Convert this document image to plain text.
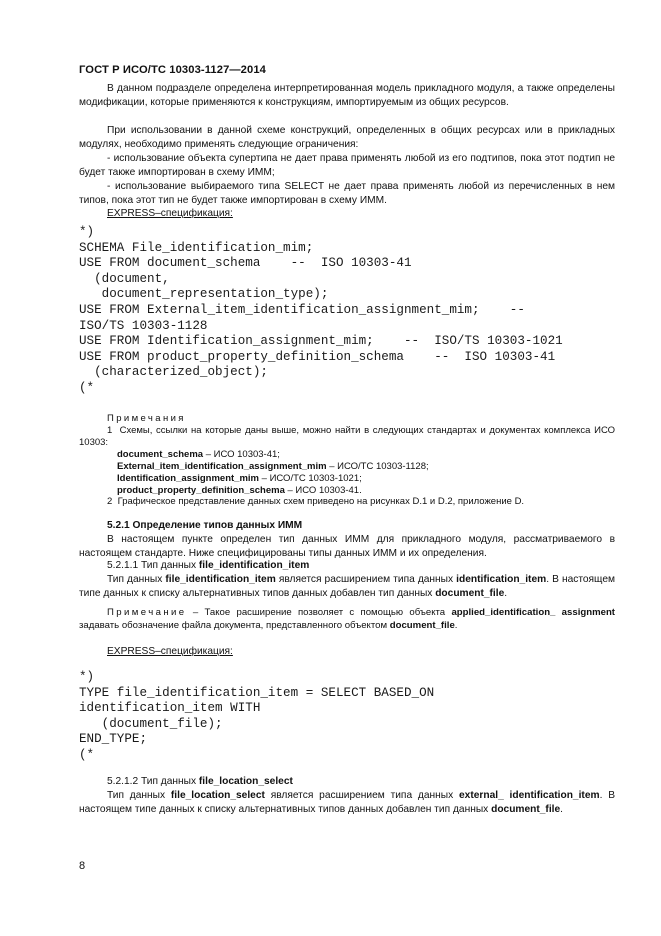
ГОСТ Р ИСО/ТС 10303-1127—2014
В данном подразделе определена интерпретированная модель прикладного модуля, а также определены модификации, которые применяются к конструкциям, импортируемым из общих ресурсов.
При использовании в данной схеме конструкций, определенных в общих ресурсах или в прикладных модулях, необходимо применять следующие ограничения:
- использование объекта супертипа не дает права применять любой из его подтипов, пока этот подтип не будет также импортирован в схему ИММ;
- использование выбираемого типа SELECT не дает права применять любой из перечисленных в нем типов, пока этот тип не будет также импортирован в схему ИММ.
EXPRESS–спецификация:
*)
SCHEMA File_identification_mim;
USE FROM document_schema    --  ISO 10303-41
(document,
document_representation_type);
USE FROM External_item_identification_assignment_mim;    --
ISO/TS 10303-1128
USE FROM Identification_assignment_mim;    --  ISO/TS 10303-1021
USE FROM product_property_definition_schema    --  ISO 10303-41
(characterized_object);
(*
Примечания
1 Схемы, ссылки на которые даны выше, можно найти в следующих стандартах и документах комплекса ИСО 10303:
document_schema – ИСО 10303-41;
External_item_identification_assignment_mim – ИСО/ТС 10303-1128;
Identification_assignment_mim – ИСО/ТС 10303-1021;
product_property_definition_schema – ИСО 10303-41.
2 Графическое представление данных схем приведено на рисунках D.1 и D.2, приложение D.
5.2.1 Определение типов данных ИММ
В настоящем пункте определен тип данных ИММ для прикладного модуля, рассматриваемого в настоящем стандарте. Ниже специфицированы типы данных ИММ и их определения.
5.2.1.1 Тип данных file_identification_item
Тип данных file_identification_item является расширением типа данных identification_item. В настоящем типе данных к списку альтернативных типов данных добавлен тип данных document_file.
Примечание – Такое расширение позволяет с помощью объекта applied_identification_ assignment задавать обозначение файла документа, представленного объектом document_file.
EXPRESS–спецификация:
*)
TYPE file_identification_item = SELECT BASED_ON
identification_item WITH
(document_file);
END_TYPE;
(*
5.2.1.2 Тип данных file_location_select
Тип данных file_location_select является расширением типа данных external_ identification_item. В настоящем типе данных к списку альтернативных типов данных добавлен тип данных document_file.
8
